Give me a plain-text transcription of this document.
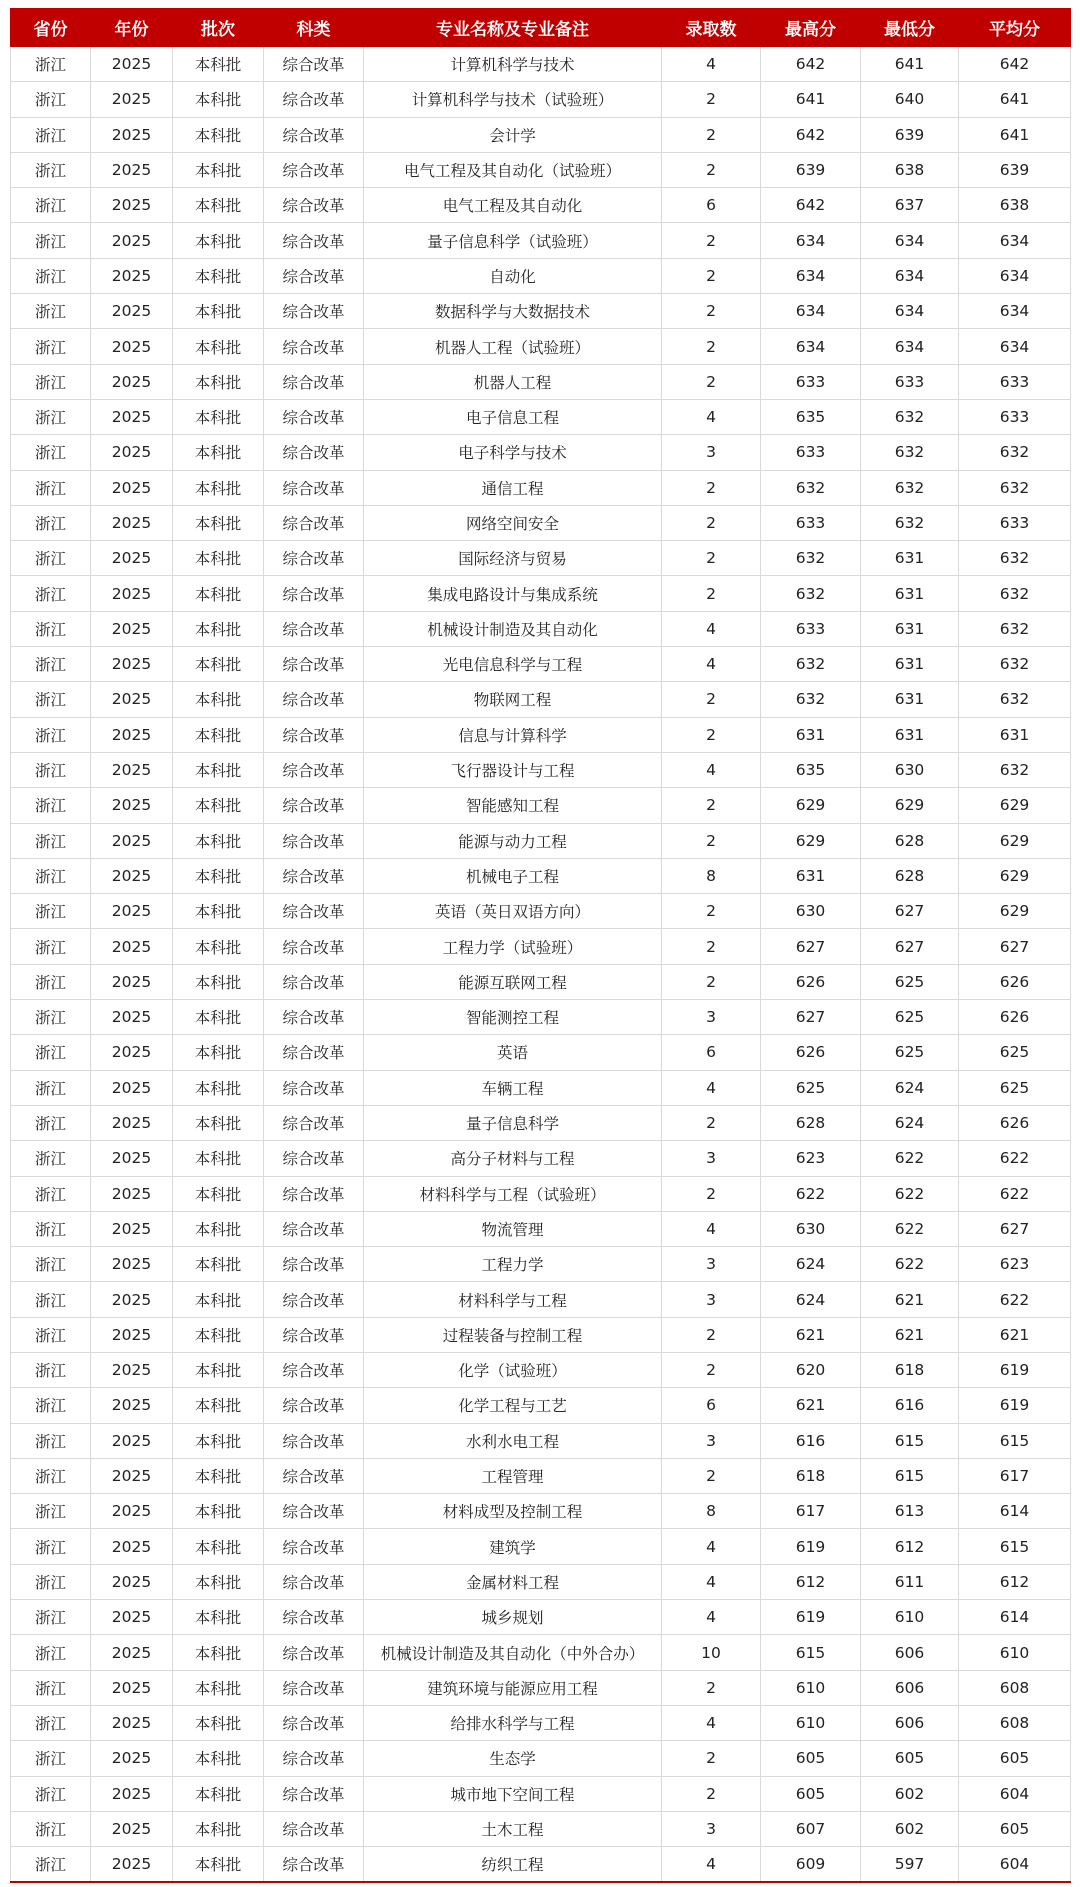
省份	年份	批次	科类	专业名称及专业备注	录取数	最高分	最低分	平均分
浙江	2025	本科批	综合改革	计算机科学与技术	4	642	641	642
浙江	2025	本科批	综合改革	计算机科学与技术（试验班）	2	641	640	641
浙江	2025	本科批	综合改革	会计学	2	642	639	641
浙江	2025	本科批	综合改革	电气工程及其自动化（试验班）	2	639	638	639
浙江	2025	本科批	综合改革	电气工程及其自动化	6	642	637	638
浙江	2025	本科批	综合改革	量子信息科学（试验班）	2	634	634	634
浙江	2025	本科批	综合改革	自动化	2	634	634	634
浙江	2025	本科批	综合改革	数据科学与大数据技术	2	634	634	634
浙江	2025	本科批	综合改革	机器人工程（试验班）	2	634	634	634
浙江	2025	本科批	综合改革	机器人工程	2	633	633	633
浙江	2025	本科批	综合改革	电子信息工程	4	635	632	633
浙江	2025	本科批	综合改革	电子科学与技术	3	633	632	632
浙江	2025	本科批	综合改革	通信工程	2	632	632	632
浙江	2025	本科批	综合改革	网络空间安全	2	633	632	633
浙江	2025	本科批	综合改革	国际经济与贸易	2	632	631	632
浙江	2025	本科批	综合改革	集成电路设计与集成系统	2	632	631	632
浙江	2025	本科批	综合改革	机械设计制造及其自动化	4	633	631	632
浙江	2025	本科批	综合改革	光电信息科学与工程	4	632	631	632
浙江	2025	本科批	综合改革	物联网工程	2	632	631	632
浙江	2025	本科批	综合改革	信息与计算科学	2	631	631	631
浙江	2025	本科批	综合改革	飞行器设计与工程	4	635	630	632
浙江	2025	本科批	综合改革	智能感知工程	2	629	629	629
浙江	2025	本科批	综合改革	能源与动力工程	2	629	628	629
浙江	2025	本科批	综合改革	机械电子工程	8	631	628	629
浙江	2025	本科批	综合改革	英语（英日双语方向）	2	630	627	629
浙江	2025	本科批	综合改革	工程力学（试验班）	2	627	627	627
浙江	2025	本科批	综合改革	能源互联网工程	2	626	625	626
浙江	2025	本科批	综合改革	智能测控工程	3	627	625	626
浙江	2025	本科批	综合改革	英语	6	626	625	625
浙江	2025	本科批	综合改革	车辆工程	4	625	624	625
浙江	2025	本科批	综合改革	量子信息科学	2	628	624	626
浙江	2025	本科批	综合改革	高分子材料与工程	3	623	622	622
浙江	2025	本科批	综合改革	材料科学与工程（试验班）	2	622	622	622
浙江	2025	本科批	综合改革	物流管理	4	630	622	627
浙江	2025	本科批	综合改革	工程力学	3	624	622	623
浙江	2025	本科批	综合改革	材料科学与工程	3	624	621	622
浙江	2025	本科批	综合改革	过程装备与控制工程	2	621	621	621
浙江	2025	本科批	综合改革	化学（试验班）	2	620	618	619
浙江	2025	本科批	综合改革	化学工程与工艺	6	621	616	619
浙江	2025	本科批	综合改革	水利水电工程	3	616	615	615
浙江	2025	本科批	综合改革	工程管理	2	618	615	617
浙江	2025	本科批	综合改革	材料成型及控制工程	8	617	613	614
浙江	2025	本科批	综合改革	建筑学	4	619	612	615
浙江	2025	本科批	综合改革	金属材料工程	4	612	611	612
浙江	2025	本科批	综合改革	城乡规划	4	619	610	614
浙江	2025	本科批	综合改革	机械设计制造及其自动化（中外合办）	10	615	606	610
浙江	2025	本科批	综合改革	建筑环境与能源应用工程	2	610	606	608
浙江	2025	本科批	综合改革	给排水科学与工程	4	610	606	608
浙江	2025	本科批	综合改革	生态学	2	605	605	605
浙江	2025	本科批	综合改革	城市地下空间工程	2	605	602	604
浙江	2025	本科批	综合改革	土木工程	3	607	602	605
浙江	2025	本科批	综合改革	纺织工程	4	609	597	604
